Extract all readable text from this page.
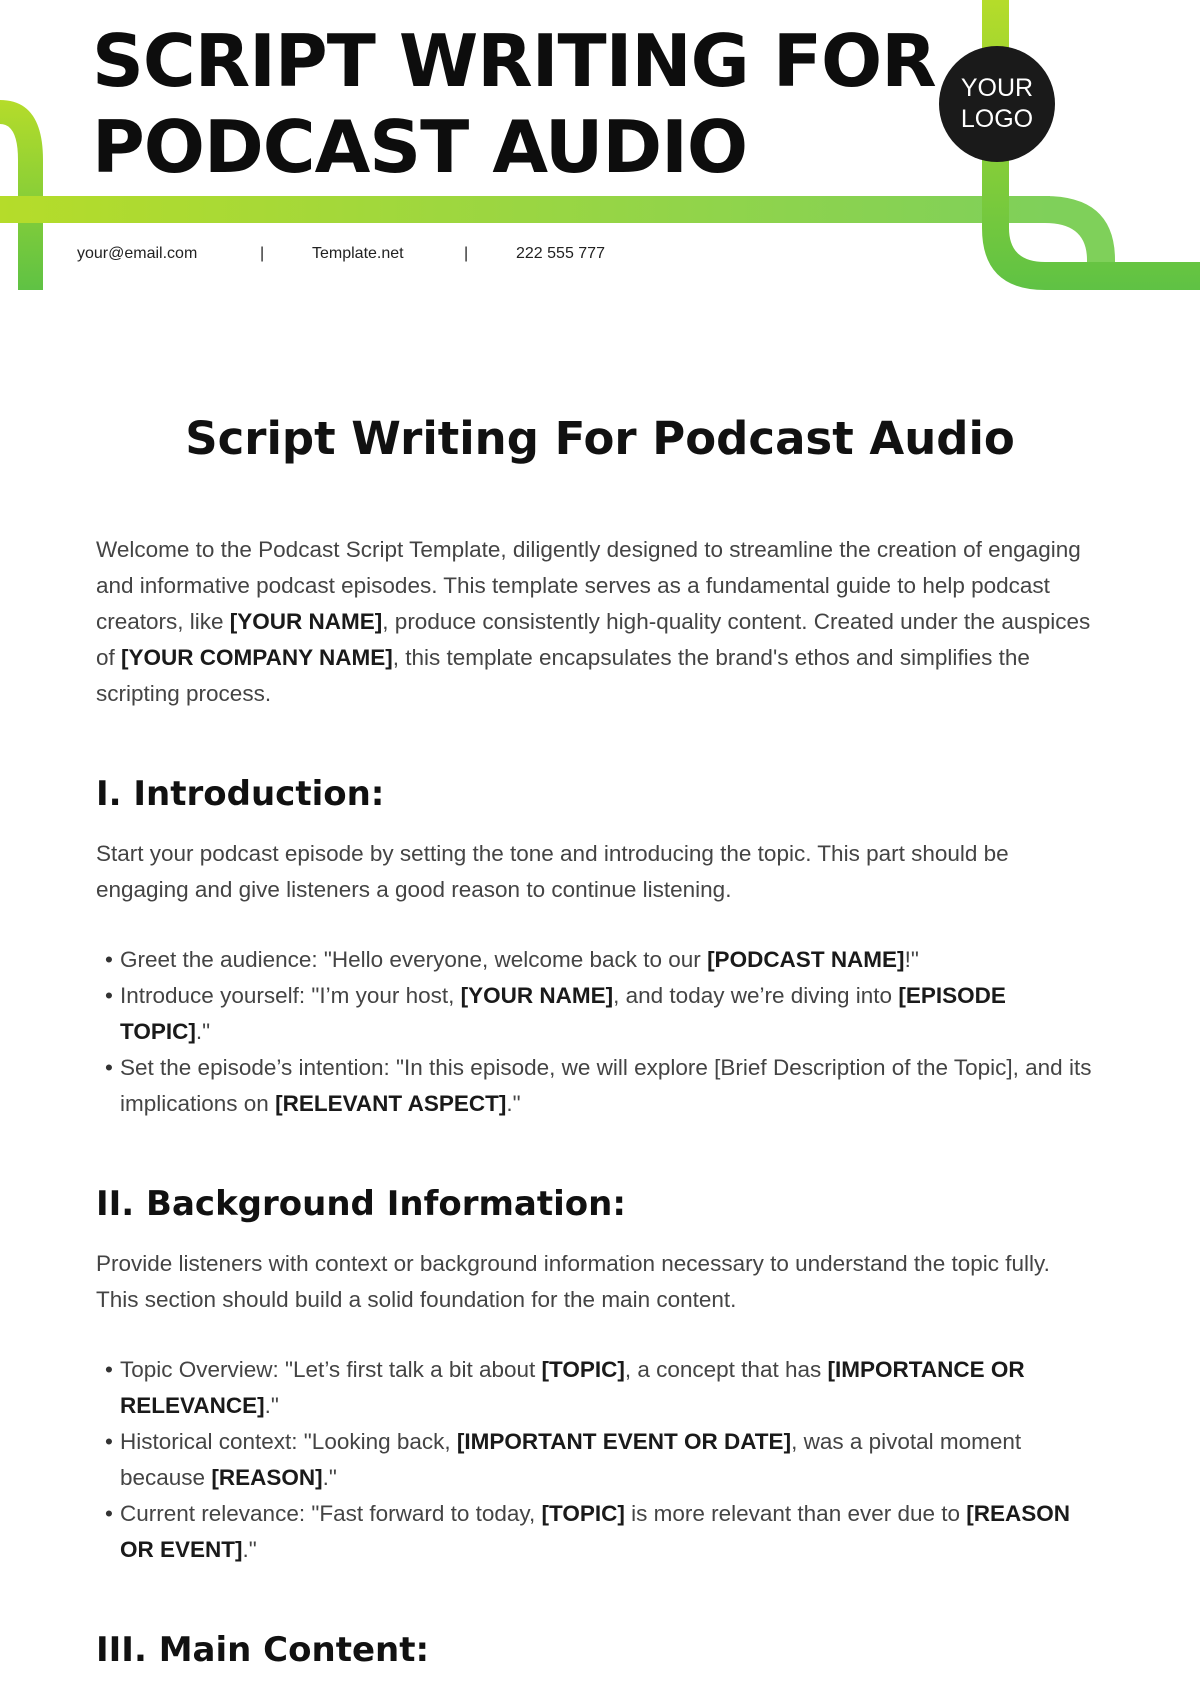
SCRIPT WRITING FOR
PODCAST AUDIO
YOUR
LOGO
your@email.com	|	Template.net	|	222 555 777
Script Writing For Podcast Audio

Welcome to the Podcast Script Template, diligently designed to streamline the creation of engaging and informative podcast episodes. This template serves as a fundamental guide to help podcast creators, like [YOUR NAME], produce consistently high-quality content. Created under the auspices of [YOUR COMPANY NAME], this template encapsulates the brand's ethos and simplifies the scripting process.

I. Introduction:

Start your podcast episode by setting the tone and introducing the topic. This part should be engaging and give listeners a good reason to continue listening.

• Greet the audience: "Hello everyone, welcome back to our [PODCAST NAME]!"
• Introduce yourself: "I’m your host, [YOUR NAME], and today we’re diving into [EPISODE TOPIC]."
• Set the episode’s intention: "In this episode, we will explore [Brief Description of the Topic], and its implications on [RELEVANT ASPECT]."
II. Background Information:

Provide listeners with context or background information necessary to understand the topic fully. This section should build a solid foundation for the main content.

• Topic Overview: "Let’s first talk a bit about [TOPIC], a concept that has [IMPORTANCE OR RELEVANCE]."
• Historical context: "Looking back, [IMPORTANT EVENT OR DATE], was a pivotal moment because [REASON]."
• Current relevance: "Fast forward to today, [TOPIC] is more relevant than ever due to [REASON OR EVENT]."
III. Main Content:
